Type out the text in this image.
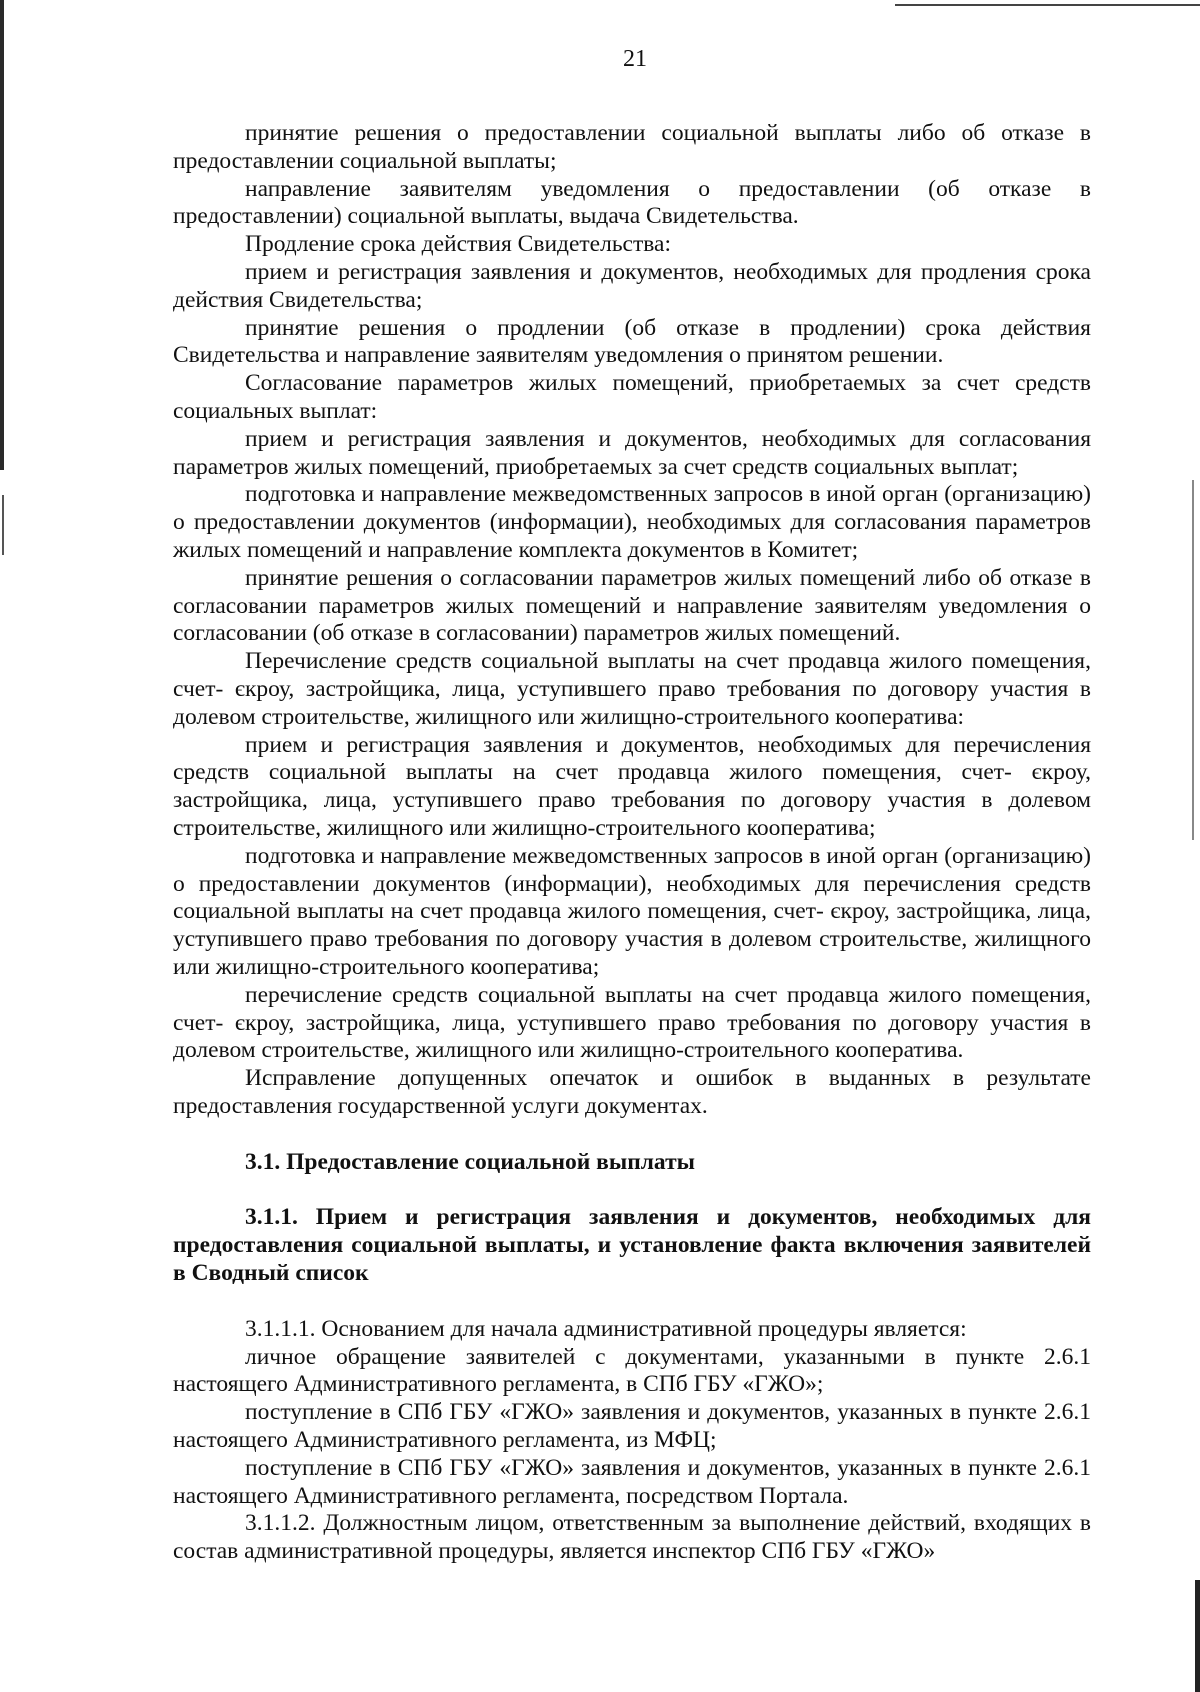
21

принятие решения о предоставлении социальной выплаты либо об отказе в предоставлении социальной выплаты;

направление заявителям уведомления о предоставлении (об отказе в предоставлении) социальной выплаты, выдача Свидетельства.

Продление срока действия Свидетельства:

прием и регистрация заявления и документов, необходимых для продления срока действия Свидетельства;

принятие решения о продлении (об отказе в продлении) срока действия Свидетельства и направление заявителям уведомления о принятом решении.

Согласование параметров жилых помещений, приобретаемых за счет средств социальных выплат:

прием и регистрация заявления и документов, необходимых для согласования параметров жилых помещений, приобретаемых за счет средств социальных выплат;

подготовка и направление межведомственных запросов в иной орган (организацию) о предоставлении документов (информации), необходимых для согласования параметров жилых помещений и направление комплекта документов в Комитет;

принятие решения о согласовании параметров жилых помещений либо об отказе в согласовании параметров жилых помещений и направление заявителям уведомления о согласовании (об отказе в согласовании) параметров жилых помещений.

Перечисление средств социальной выплаты на счет продавца жилого помещения, счет- єкроу, застройщика, лица, уступившего право требования по договору участия в долевом строительстве, жилищного или жилищно-строительного кооператива:

прием и регистрация заявления и документов, необходимых для перечисления средств социальной выплаты на счет продавца жилого помещения, счет- єкроу, застройщика, лица, уступившего право требования по договору участия в долевом строительстве, жилищного или жилищно-строительного кооператива;

подготовка и направление межведомственных запросов в иной орган (организацию) о предоставлении документов (информации), необходимых для перечисления средств социальной выплаты на счет продавца жилого помещения, счет- єкроу, застройщика, лица, уступившего право требования по договору участия в долевом строительстве, жилищного или жилищно-строительного кооператива;

перечисление средств социальной выплаты на счет продавца жилого помещения, счет- єкроу, застройщика, лица, уступившего право требования по договору участия в долевом строительстве, жилищного или жилищно-строительного кооператива.

Исправление допущенных опечаток и ошибок в выданных в результате предоставления государственной услуги документах.

3.1. Предоставление социальной выплаты

3.1.1. Прием и регистрация заявления и документов, необходимых для предоставления социальной выплаты, и установление факта включения заявителей в Сводный список

3.1.1.1. Основанием для начала административной процедуры является:

личное обращение заявителей с документами, указанными в пункте 2.6.1 настоящего Административного регламента, в СПб ГБУ «ГЖО»;

поступление в СПб ГБУ «ГЖО» заявления и документов, указанных в пункте 2.6.1 настоящего Административного регламента, из МФЦ;

поступление в СПб ГБУ «ГЖО» заявления и документов, указанных в пункте 2.6.1 настоящего Административного регламента, посредством Портала.

3.1.1.2. Должностным лицом, ответственным за выполнение действий, входящих в состав административной процедуры, является инспектор СПб ГБУ «ГЖО»
